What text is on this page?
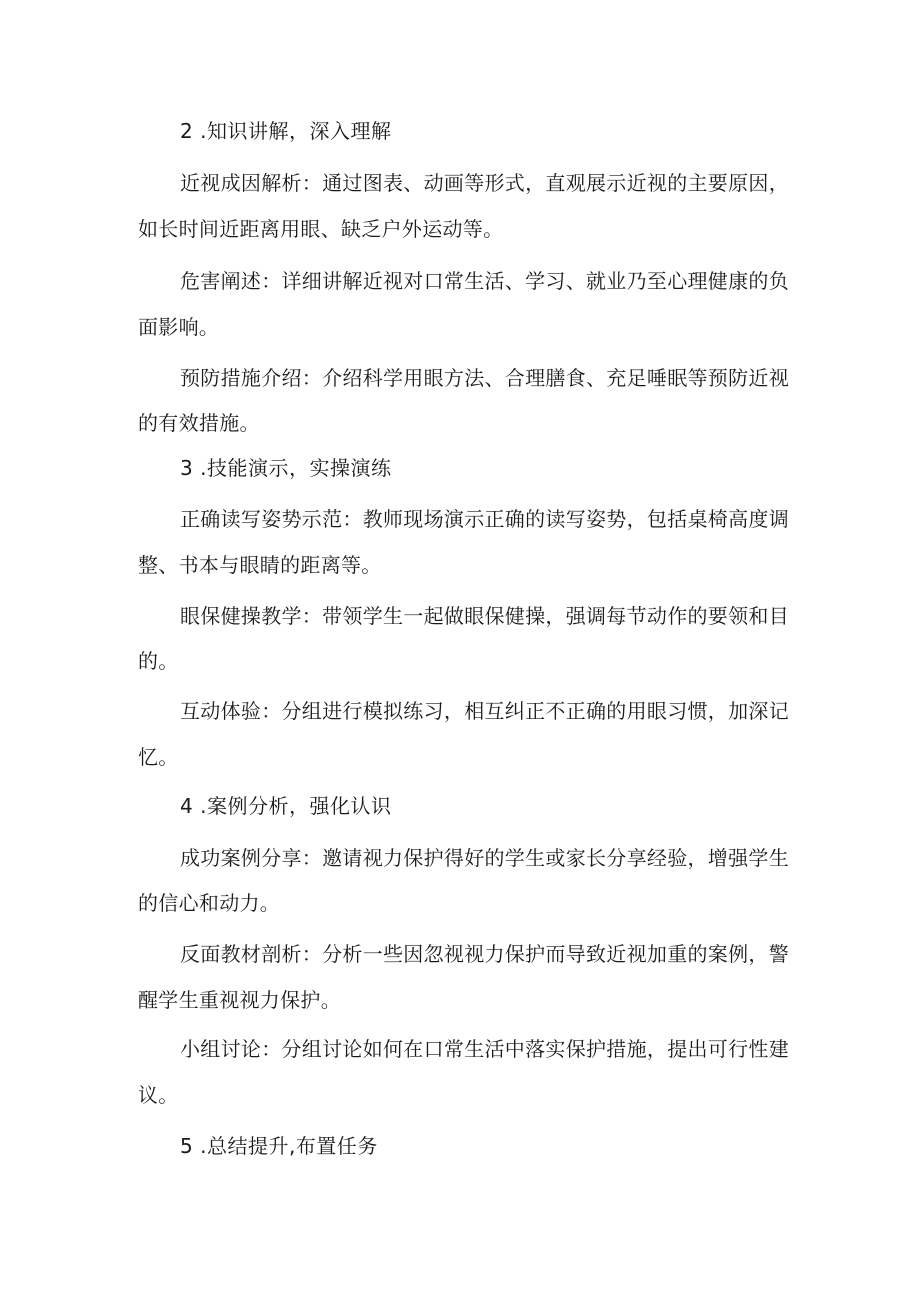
2 .知识讲解，深入理解
近视成因解析：通过图表、动画等形式，直观展示近视的主要原因，
如长时间近距离用眼、缺乏户外运动等。
危害阐述：详细讲解近视对口常生活、学习、就业乃至心理健康的负
面影响。
预防措施介绍：介绍科学用眼方法、合理膳食、充足唾眠等预防近视
的有效措施。
3 .技能演示，实操演练
正确读写姿势示范：教师现场演示正确的读写姿势，包括桌椅高度调
整、书本与眼睛的距离等。
眼保健操教学：带领学生一起做眼保健操，强调每节动作的要领和目
的。
互动体验：分组进行模拟练习，相互纠正不正确的用眼习惯，加深记
忆。
4 .案例分析，强化认识
成功案例分享：邀请视力保护得好的学生或家长分享经验，增强学生
的信心和动力。
反面教材剖析：分析一些因忽视视力保护而导致近视加重的案例，警
醒学生重视视力保护。
小组讨论：分组讨论如何在口常生活中落实保护措施，提出可行性建
议。
5 .总结提升,布置任务
